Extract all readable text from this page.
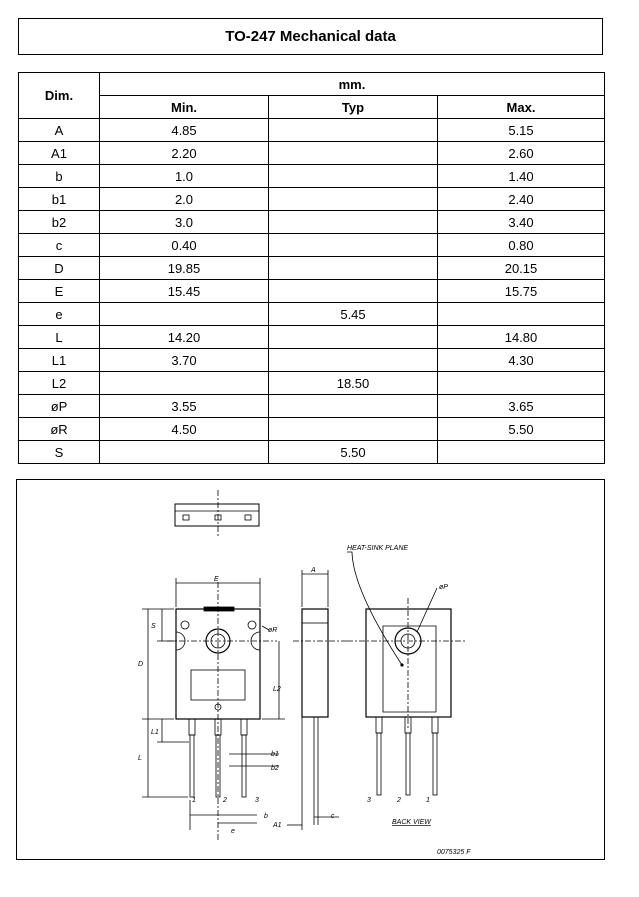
TO-247 Mechanical data
Dim.	mm.		
	Min.	Typ	Max.
A	4.85		5.15
A1	2.20		2.60
b	1.0		1.40
b1	2.0		2.40
b2	3.0		3.40
c	0.40		0.80
D	19.85		20.15
E	15.45		15.75
e		5.45	
L	14.20		14.80
L1	3.70		4.30
L2		18.50	
øP	3.55		3.65
øR	4.50		5.50
S		5.50	
E
A
S
D
L1
L
L2
øR
øP
b1
b2
b
e
A1
c
1	2	3	3	2	1
HEAT-SINK PLANE
BACK VIEW
0075325 F
